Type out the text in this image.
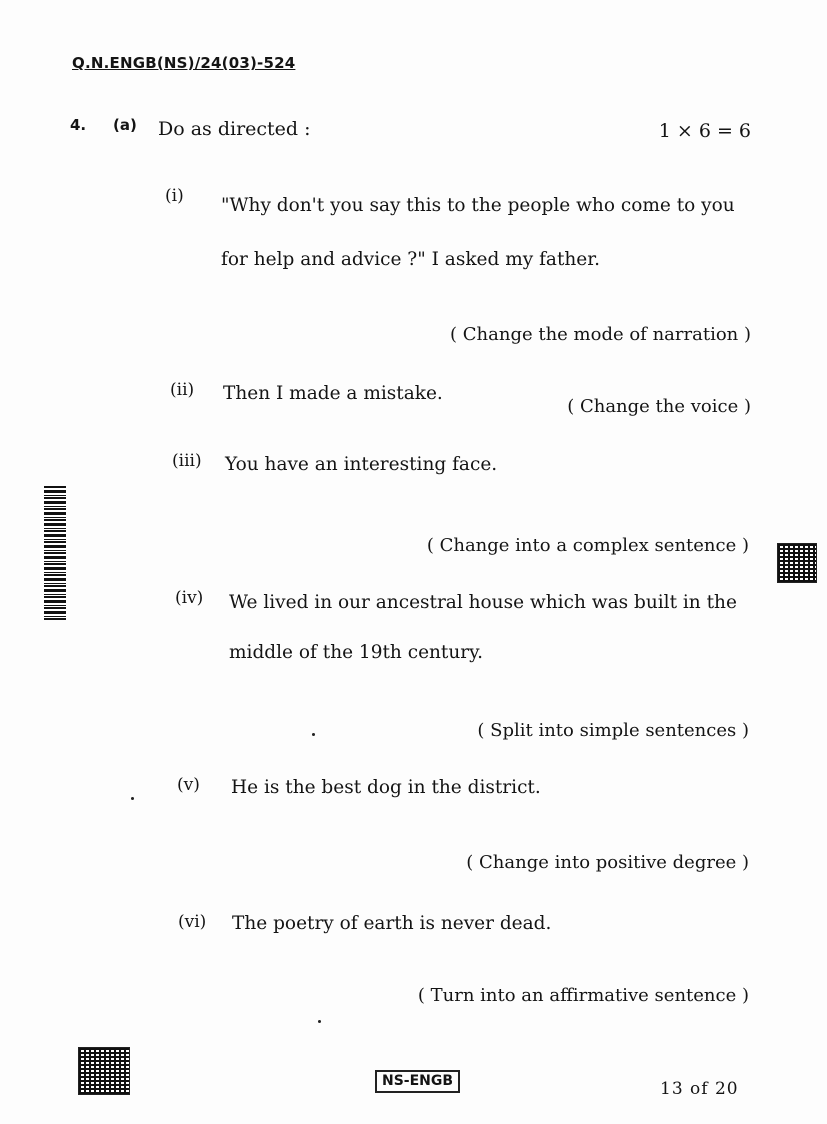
Q.N.ENGB(NS)/24(03)-524
4. (a) Do as directed :	1 × 6 = 6
(i) "Why don't you say this to the people who come to you
for help and advice ?" I asked my father.
( Change the mode of narration )
(ii) Then I made a mistake.
( Change the voice )
(iii) You have an interesting face.
( Change into a complex sentence )
(iv) We lived in our ancestral house which was built in the
middle of the 19th century.
( Split into simple sentences )
(v) He is the best dog in the district.
( Change into positive degree )
(vi) The poetry of earth is never dead.
( Turn into an affirmative sentence )
NS-ENGB	13 of 20
